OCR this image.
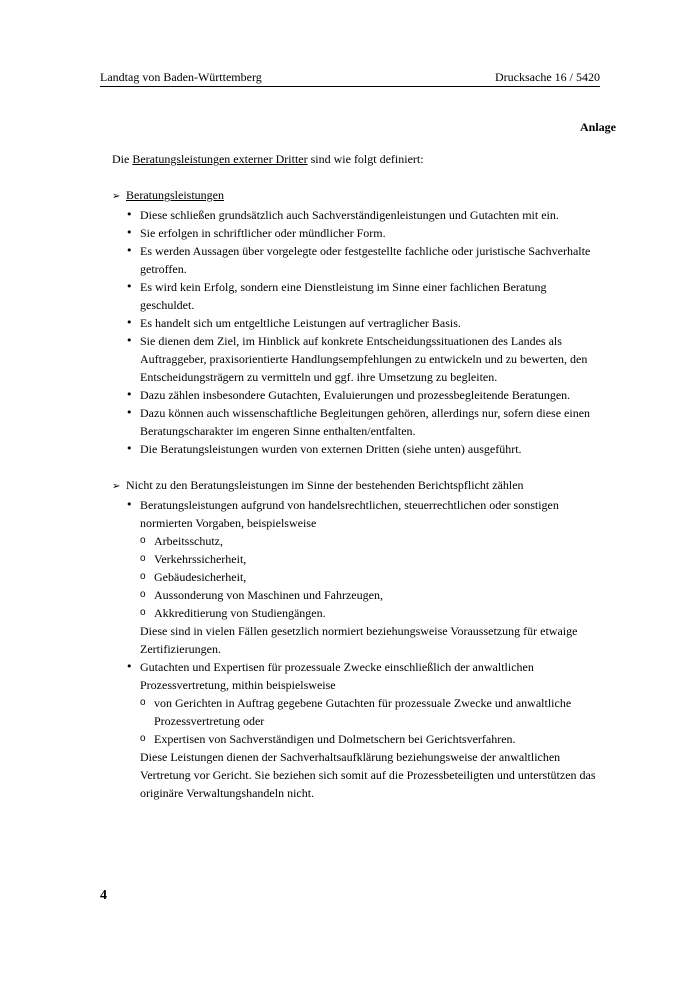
Landtag von Baden-Württemberg	Drucksache 16 / 5420
Anlage

Die Beratungsleistungen externer Dritter sind wie folgt definiert:

➢ Beratungsleistungen
• Diese schließen grundsätzlich auch Sachverständigenleistungen und Gutachten mit ein.
• Sie erfolgen in schriftlicher oder mündlicher Form.
• Es werden Aussagen über vorgelegte oder festgestellte fachliche oder juristische Sachverhalte getroffen.
• Es wird kein Erfolg, sondern eine Dienstleistung im Sinne einer fachlichen Beratung geschuldet.
• Es handelt sich um entgeltliche Leistungen auf vertraglicher Basis.
• Sie dienen dem Ziel, im Hinblick auf konkrete Entscheidungssituationen des Landes als Auftraggeber, praxisorientierte Handlungsempfehlungen zu entwickeln und zu bewerten, den Entscheidungsträgern zu vermitteln und ggf. ihre Umsetzung zu begleiten.
• Dazu zählen insbesondere Gutachten, Evaluierungen und prozessbegleitende Beratungen.
• Dazu können auch wissenschaftliche Begleitungen gehören, allerdings nur, sofern diese einen Beratungscharakter im engeren Sinne enthalten/entfalten.
• Die Beratungsleistungen wurden von externen Dritten (siehe unten) ausgeführt.
➢ Nicht zu den Beratungsleistungen im Sinne der bestehenden Berichtspflicht zählen
• Beratungsleistungen aufgrund von handelsrechtlichen, steuerrechtlichen oder sonstigen normierten Vorgaben, beispielsweise
o Arbeitsschutz,
o Verkehrssicherheit,
o Gebäudesicherheit,
o Aussonderung von Maschinen und Fahrzeugen,
o Akkreditierung von Studiengängen.
Diese sind in vielen Fällen gesetzlich normiert beziehungsweise Voraussetzung für etwaige Zertifizierungen.
• Gutachten und Expertisen für prozessuale Zwecke einschließlich der anwaltlichen Prozessvertretung, mithin beispielsweise
o von Gerichten in Auftrag gegebene Gutachten für prozessuale Zwecke und anwaltliche Prozessvertretung oder
o Expertisen von Sachverständigen und Dolmetschern bei Gerichtsverfahren.
Diese Leistungen dienen der Sachverhaltsaufklärung beziehungsweise der anwaltlichen Vertretung vor Gericht. Sie beziehen sich somit auf die Prozessbeteiligten und unterstützen das originäre Verwaltungshandeln nicht.
4
